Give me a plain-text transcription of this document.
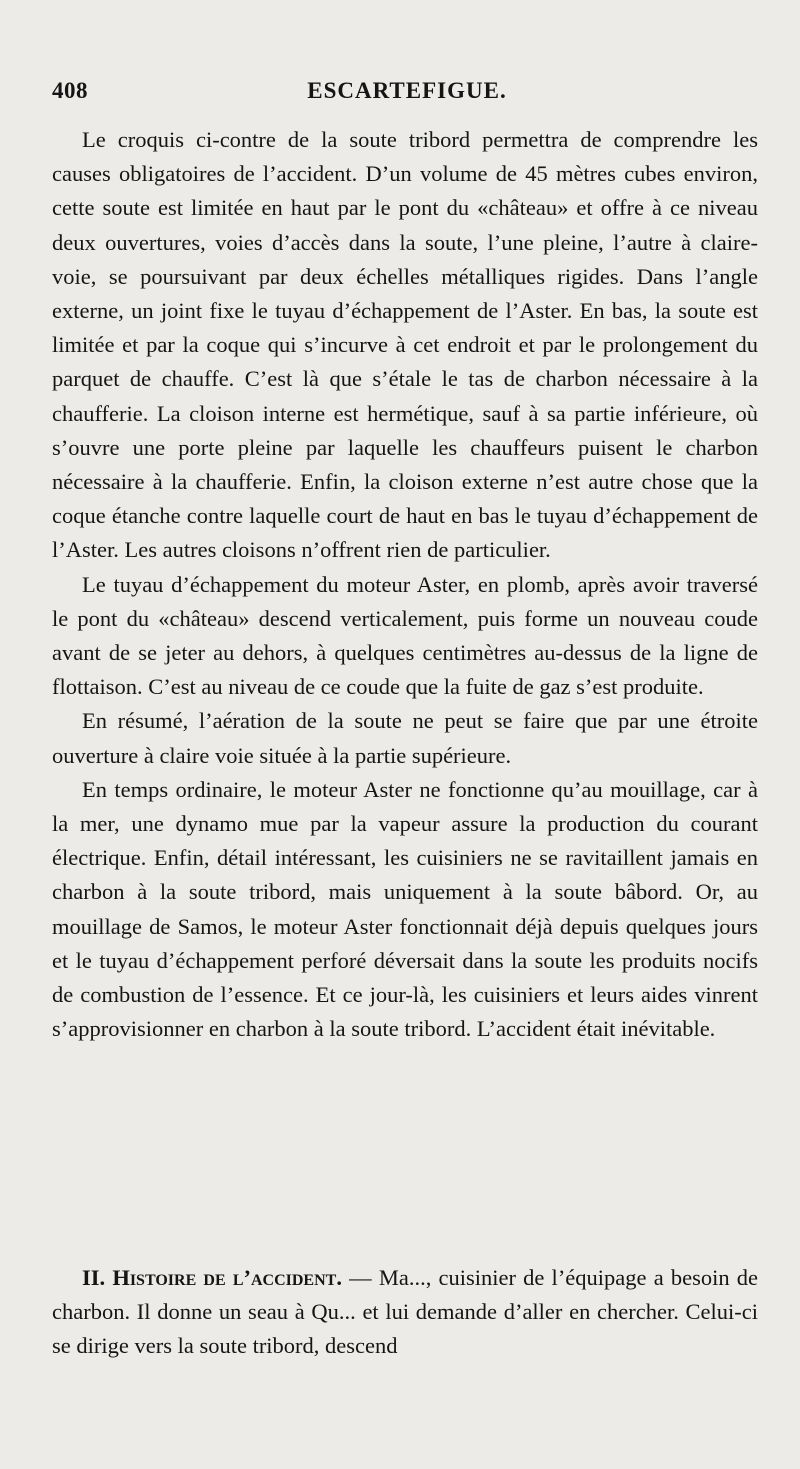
408	ESCARTEFIGUE.

Le croquis ci-contre de la soute tribord permettra de comprendre les causes obligatoires de l’accident. D’un volume de 45 mètres cubes environ, cette soute est limitée en haut par le pont du «château» et offre à ce niveau deux ouvertures, voies d’accès dans la soute, l’une pleine, l’autre à claire-voie, se poursuivant par deux échelles métalliques rigides. Dans l’angle externe, un joint fixe le tuyau d’échappement de l’Aster. En bas, la soute est limitée et par la coque qui s’incurve à cet endroit et par le prolongement du parquet de chauffe. C’est là que s’étale le tas de charbon nécessaire à la chaufferie. La cloison interne est hermétique, sauf à sa partie inférieure, où s’ouvre une porte pleine par laquelle les chauffeurs puisent le charbon nécessaire à la chaufferie. Enfin, la cloison externe n’est autre chose que la coque étanche contre laquelle court de haut en bas le tuyau d’échappement de l’Aster. Les autres cloisons n’offrent rien de particulier.

Le tuyau d’échappement du moteur Aster, en plomb, après avoir traversé le pont du «château» descend verticalement, puis forme un nouveau coude avant de se jeter au dehors, à quelques centimètres au-dessus de la ligne de flottaison. C’est au niveau de ce coude que la fuite de gaz s’est produite.

En résumé, l’aération de la soute ne peut se faire que par une étroite ouverture à claire voie située à la partie supérieure.

En temps ordinaire, le moteur Aster ne fonctionne qu’au mouillage, car à la mer, une dynamo mue par la vapeur assure la production du courant électrique. Enfin, détail intéressant, les cuisiniers ne se ravitaillent jamais en charbon à la soute tribord, mais uniquement à la soute bâbord. Or, au mouillage de Samos, le moteur Aster fonctionnait déjà depuis quelques jours et le tuyau d’échappement perforé déversait dans la soute les produits nocifs de combustion de l’essence. Et ce jour-là, les cuisiniers et leurs aides vinrent s’approvisionner en charbon à la soute tribord. L’accident était inévitable.

II. Histoire de l’accident. — Ma..., cuisinier de l’équipage a besoin de charbon. Il donne un seau à Qu... et lui demande d’aller en chercher. Celui-ci se dirige vers la soute tribord, descend
